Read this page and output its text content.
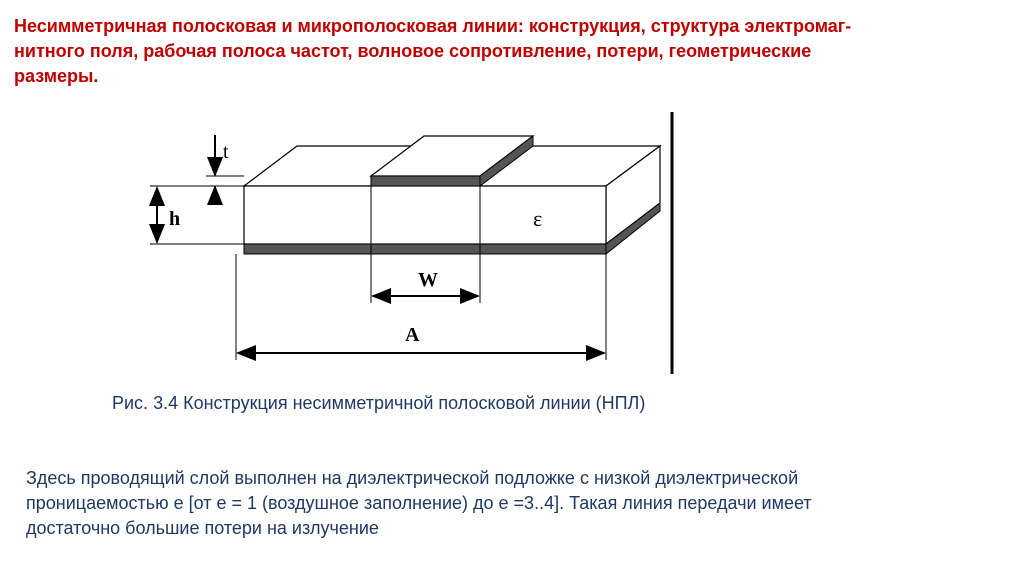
Несимметричная полосковая и микрополосковая линии: конструкция, структура электромаг-
нитного поля, рабочая полоса частот, волновое сопротивление, потери, геометрические
размеры.
t
h	ε
W
A
Рис. 3.4 Конструкция несимметричной полосковой линии (НПЛ)
Здесь проводящий слой выполнен на диэлектрической подложке с низкой диэлектрической
проницаемостью е [от е = 1 (воздушное заполнение) до е =3..4]. Такая линия передачи имеет
достаточно большие потери на излучение
